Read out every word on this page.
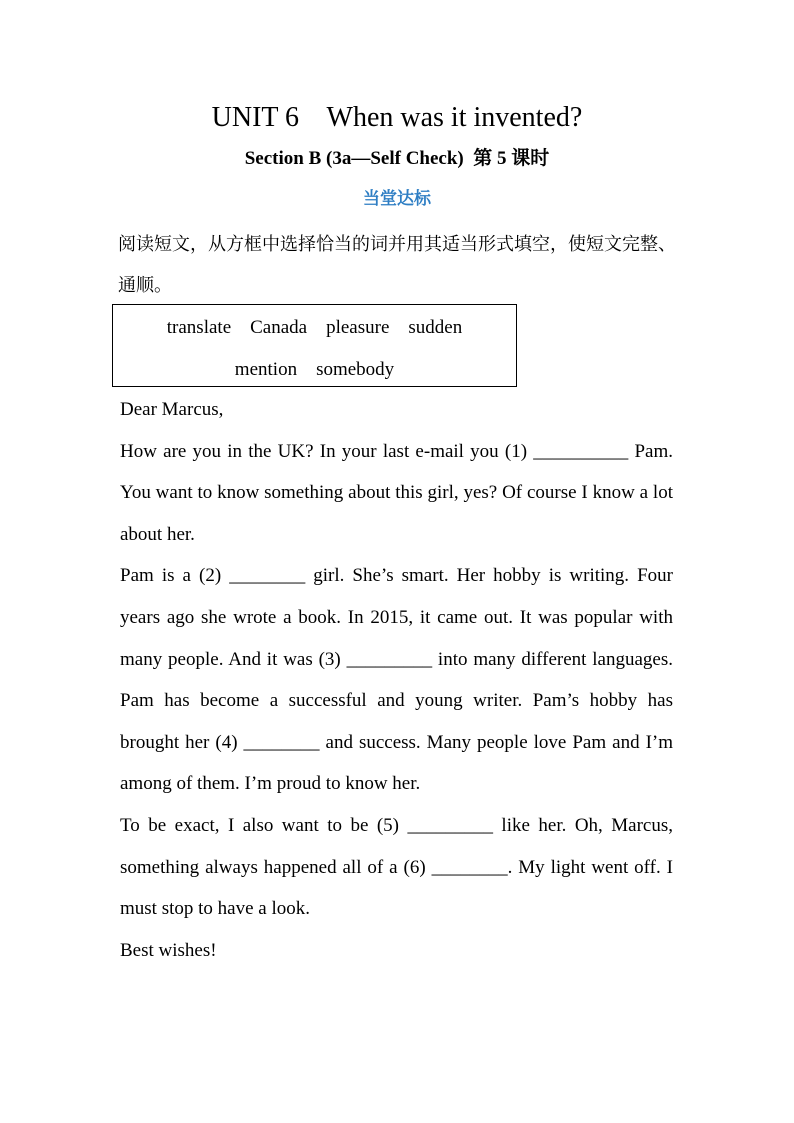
UNIT 6    When was it invented?
Section B (3a—Self Check)  第 5 课时
当堂达标
阅读短文，从方框中选择恰当的词并用其适当形式填空，使短文完整、通顺。
translate    Canada    pleasure    sudden
mention    somebody

Dear Marcus,

How are you in the UK? In your last e-mail you (1) __________ Pam. You want to know something about this girl, yes? Of course I know a lot about her.

Pam is a (2) ________ girl. She’s smart. Her hobby is writing. Four years ago she wrote a book. In 2015, it came out. It was popular with many people. And it was (3) _________ into many different languages. Pam has become a successful and young writer. Pam’s hobby has brought her (4) ________ and success. Many people love Pam and I’m among of them. I’m proud to know her.

To be exact, I also want to be (5) _________ like her. Oh, Marcus, something always happened all of a (6) ________. My light went off. I must stop to have a look.

Best wishes!
